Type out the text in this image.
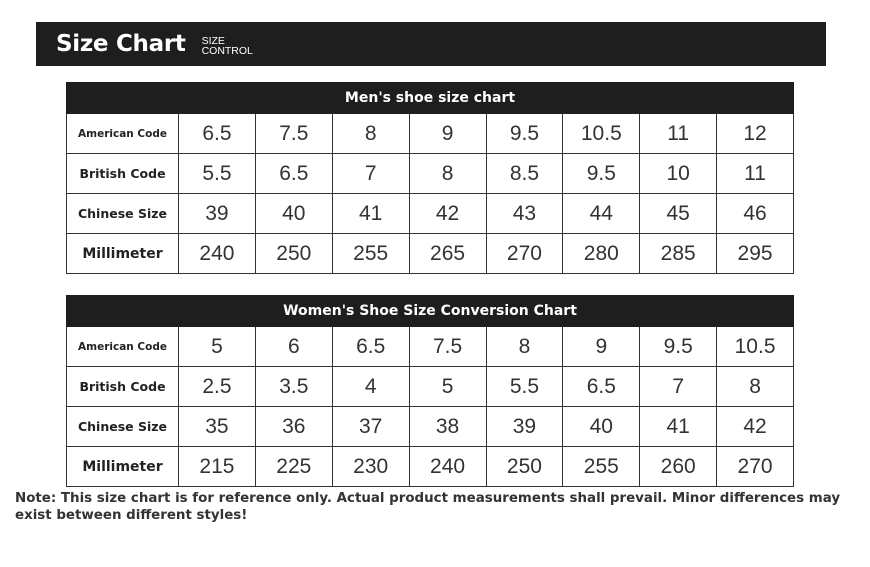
Size Chart SIZE
CONTROL
Men's shoe size chart								
American Code	6.5	7.5	8	9	9.5	10.5	11	12
British Code	5.5	6.5	7	8	8.5	9.5	10	11
Chinese Size	39	40	41	42	43	44	45	46
Millimeter	240	250	255	265	270	280	285	295
Women's Shoe Size Conversion Chart								
American Code	5	6	6.5	7.5	8	9	9.5	10.5
British Code	2.5	3.5	4	5	5.5	6.5	7	8
Chinese Size	35	36	37	38	39	40	41	42
Millimeter	215	225	230	240	250	255	260	270
Note: This size chart is for reference only. Actual product measurements shall prevail. Minor differences may exist between different styles!
